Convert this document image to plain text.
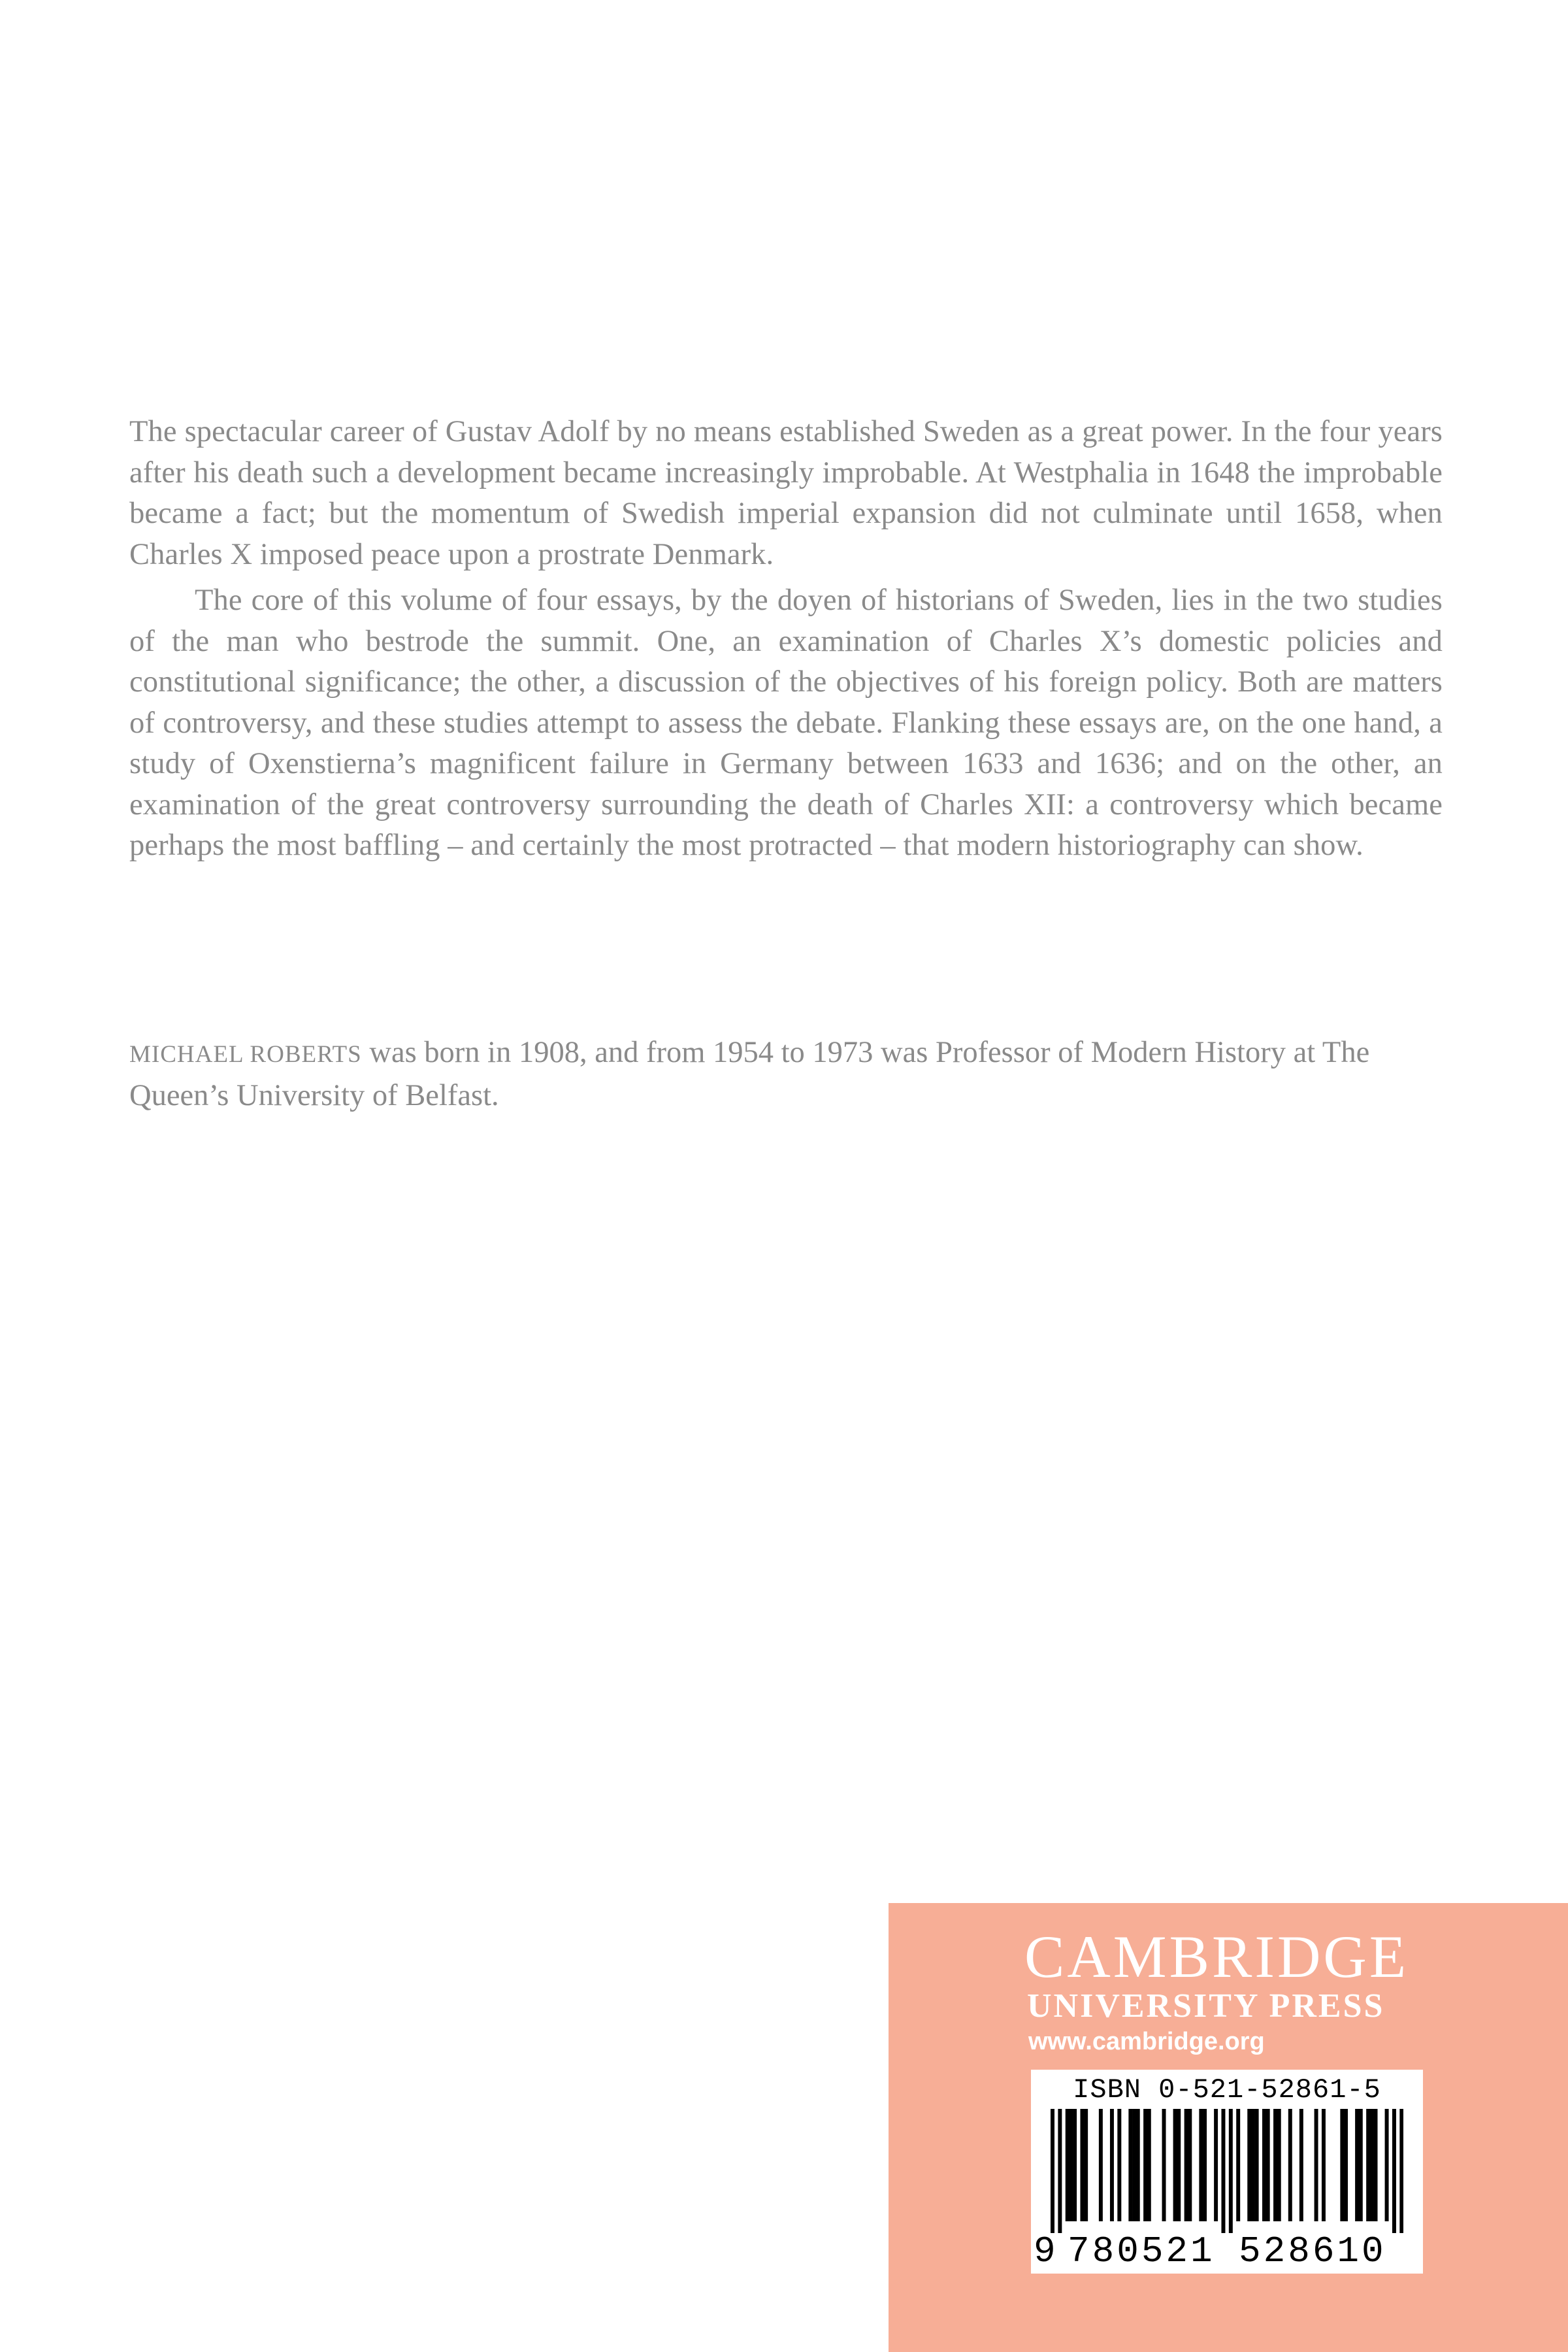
The spectacular career of Gustav Adolf by no means established Sweden as a great power. In the four years after his death such a development became increasingly improbable. At Westphalia in 1648 the improbable became a fact; but the momentum of Swedish imperial expansion did not culminate until 1658, when Charles X imposed peace upon a prostrate Denmark.

The core of this volume of four essays, by the doyen of historians of Sweden, lies in the two studies of the man who bestrode the summit. One, an examination of Charles X’s domestic policies and constitutional significance; the other, a discussion of the objectives of his foreign policy. Both are matters of controversy, and these studies attempt to assess the debate. Flanking these essays are, on the one hand, a study of Oxenstierna’s magnificent failure in Germany between 1633 and 1636; and on the other, an examination of the great controversy surrounding the death of Charles XII: a controversy which became perhaps the most baffling – and certainly the most protracted – that modern historiography can show.

MICHAEL ROBERTS was born in 1908, and from 1954 to 1973 was Professor of Modern History at The Queen’s University of Belfast.
CAMBRIDGE
UNIVERSITY PRESS
www.cambridge.org
ISBN 0-521-52861-5
9 780521 528610
